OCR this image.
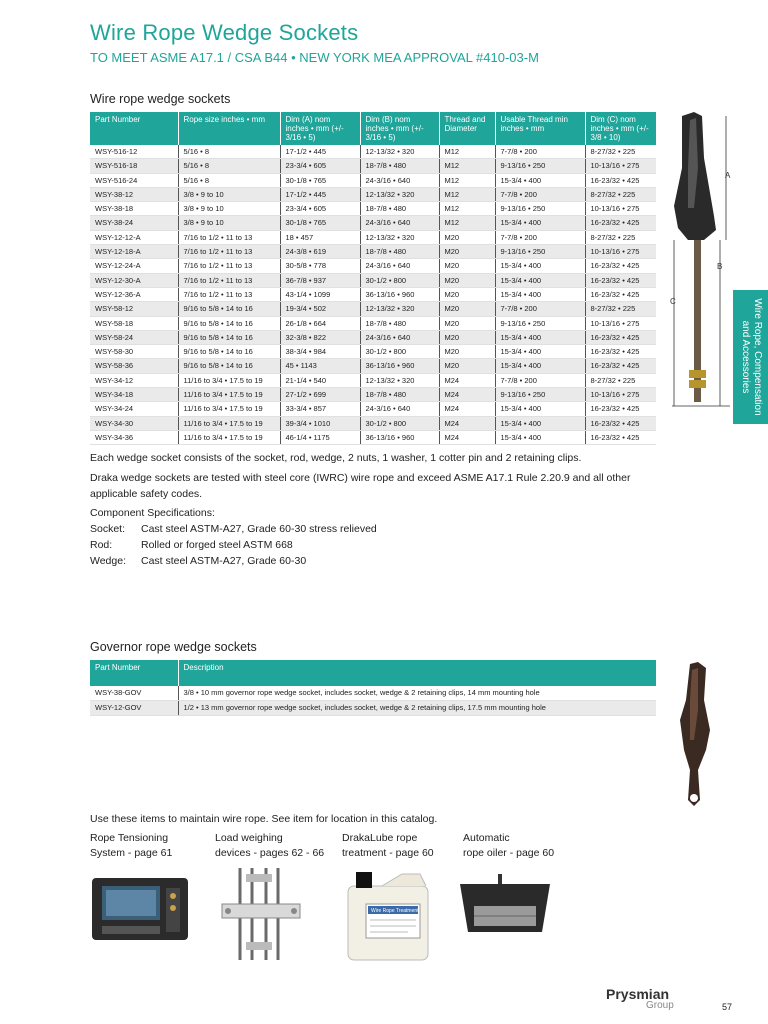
Wire Rope Wedge Sockets
TO MEET ASME A17.1 / CSA B44 • NEW YORK MEA APPROVAL #410-03-M
Wire rope wedge sockets
Part Number	Rope size inches • mm	Dim (A) nom inches • mm (+/- 3/16 • 5)	Dim (B) nom inches • mm (+/- 3/16 • 5)	Thread and Diameter	Usable Thread min inches • mm	Dim (C) nom inches • mm (+/- 3/8 • 10)
WSY-516-12	5/16 • 8	17-1/2 • 445	12-13/32 • 320	M12	7-7/8 • 200	8-27/32 • 225
WSY-516-18	5/16 • 8	23-3/4 • 605	18-7/8 • 480	M12	9-13/16 • 250	10-13/16 • 275
WSY-516-24	5/16 • 8	30-1/8 • 765	24-3/16 • 640	M12	15-3/4 • 400	16-23/32 • 425
WSY-38-12	3/8 • 9 to 10	17-1/2 • 445	12-13/32 • 320	M12	7-7/8 • 200	8-27/32 • 225
WSY-38-18	3/8 • 9 to 10	23-3/4 • 605	18-7/8 • 480	M12	9-13/16 • 250	10-13/16 • 275
WSY-38-24	3/8 • 9 to 10	30-1/8 • 765	24-3/16 • 640	M12	15-3/4 • 400	16-23/32 • 425
WSY-12-12-A	7/16 to 1/2 • 11 to 13	18 • 457	12-13/32 • 320	M20	7-7/8 • 200	8-27/32 • 225
WSY-12-18-A	7/16 to 1/2 • 11 to 13	24-3/8 • 619	18-7/8 • 480	M20	9-13/16 • 250	10-13/16 • 275
WSY-12-24-A	7/16 to 1/2 • 11 to 13	30-5/8 • 778	24-3/16 • 640	M20	15-3/4 • 400	16-23/32 • 425
WSY-12-30-A	7/16 to 1/2 • 11 to 13	36-7/8 • 937	30-1/2 • 800	M20	15-3/4 • 400	16-23/32 • 425
WSY-12-36-A	7/16 to 1/2 • 11 to 13	43-1/4 • 1099	36-13/16 • 960	M20	15-3/4 • 400	16-23/32 • 425
WSY-58-12	9/16 to 5/8 • 14 to 16	19-3/4 • 502	12-13/32 • 320	M20	7-7/8 • 200	8-27/32 • 225
WSY-58-18	9/16 to 5/8 • 14 to 16	26-1/8 • 664	18-7/8 • 480	M20	9-13/16 • 250	10-13/16 • 275
WSY-58-24	9/16 to 5/8 • 14 to 16	32-3/8 • 822	24-3/16 • 640	M20	15-3/4 • 400	16-23/32 • 425
WSY-58-30	9/16 to 5/8 • 14 to 16	38-3/4 • 984	30-1/2 • 800	M20	15-3/4 • 400	16-23/32 • 425
WSY-58-36	9/16 to 5/8 • 14 to 16	45 • 1143	36-13/16 • 960	M20	15-3/4 • 400	16-23/32 • 425
WSY-34-12	11/16 to 3/4 • 17.5 to 19	21-1/4 • 540	12-13/32 • 320	M24	7-7/8 • 200	8-27/32 • 225
WSY-34-18	11/16 to 3/4 • 17.5 to 19	27-1/2 • 699	18-7/8 • 480	M24	9-13/16 • 250	10-13/16 • 275
WSY-34-24	11/16 to 3/4 • 17.5 to 19	33-3/4 • 857	24-3/16 • 640	M24	15-3/4 • 400	16-23/32 • 425
WSY-34-30	11/16 to 3/4 • 17.5 to 19	39-3/4 • 1010	30-1/2 • 800	M24	15-3/4 • 400	16-23/32 • 425
WSY-34-36	11/16 to 3/4 • 17.5 to 19	46-1/4 • 1175	36-13/16 • 960	M24	15-3/4 • 400	16-23/32 • 425
A
B
C	Wire Rope, Compensation
and Accessories
Each wedge socket consists of the socket, rod, wedge, 2 nuts, 1 washer, 1 cotter pin and 2 retaining clips.
Draka wedge sockets are tested with steel core (IWRC) wire rope and exceed ASME A17.1 Rule 2.20.9 and all other applicable safety codes.
Component Specifications:
Socket: Cast steel ASTM-A27, Grade 60-30 stress relieved
Rod:	Rolled or forged steel ASTM 668
Wedge: Cast steel ASTM-A27, Grade 60-30
Governor rope wedge sockets
Part Number	Description
WSY-38-GOV	3/8 • 10 mm governor rope wedge socket, includes socket, wedge & 2 retaining clips, 14 mm mounting hole
WSY-12-GOV	1/2 • 13 mm governor rope wedge socket, includes socket, wedge & 2 retaining clips, 17.5 mm mounting hole
Use these items to maintain wire rope. See item for location in this catalog.
Rope Tensioning
System - page 61
Load weighing
devices - pages 62 - 66
DrakaLube rope
treatment - page 60
Automatic
rope oiler - page 60
Wire Rope Treatment
Prysmian
Group	57
